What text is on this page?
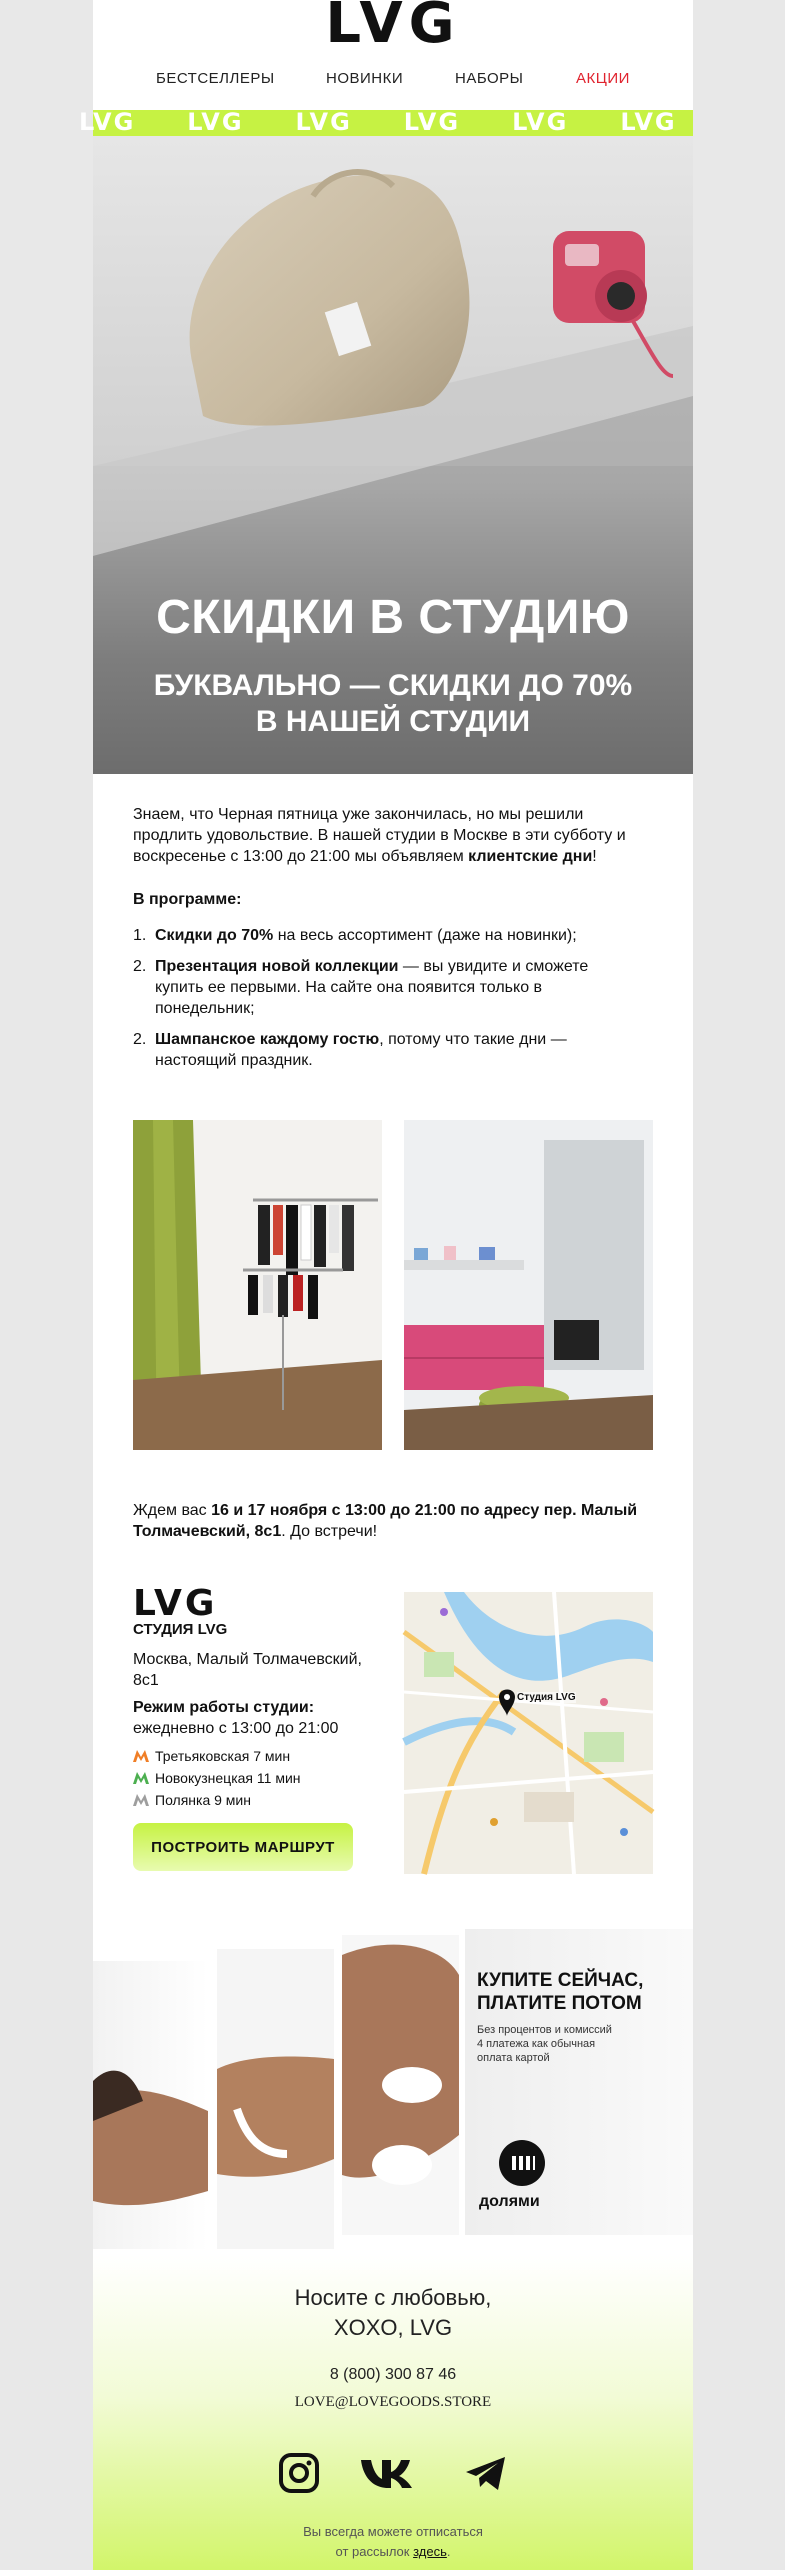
LVG
БЕСТСЕЛЛЕРЫ	НОВИНКИ	НАБОРЫ	АКЦИИ
LVG LVG LVG LVG LVG LVG
СКИДКИ В СТУДИЮ
БУКВАЛЬНО — СКИДКИ ДО 70%
В НАШЕЙ СТУДИИ
Знаем, что Черная пятница уже закончилась, но мы решили продлить удовольствие. В нашей студии в Москве в эти субботу и воскресенье с 13:00 до 21:00 мы объявляем клиентские дни!
В программе:
1. Скидки до 70% на весь ассортимент (даже на новинки);
2. Презентация новой коллекции — вы увидите и сможете купить ее первыми. На сайте она появится только в понедельник;
2. Шампанское каждому гостю, потому что такие дни — настоящий праздник.
Ждем вас 16 и 17 ноября с 13:00 до 21:00 по адресу пер. Малый Толмачевский, 8с1. До встречи!
LVG
СТУДИЯ LVG
Москва, Малый Толмачевский, 8с1
Режим работы студии:
ежедневно с 13:00 до 21:00
Третьяковская 7 мин
Новокузнецкая 11 мин
Полянка 9 мин
ПОСТРОИТЬ МАРШРУТ
Студия LVG
КУПИТЕ СЕЙЧАС,
ПЛАТИТЕ ПОТОМ
Без процентов и комиссий
4 платежа как обычная
оплата картой
долями
Носите с любовью,
XOXO, LVG
8 (800) 300 87 46
LOVE@LOVEGOODS.STORE
Вы всегда можете отписаться
от рассылок здесь.
